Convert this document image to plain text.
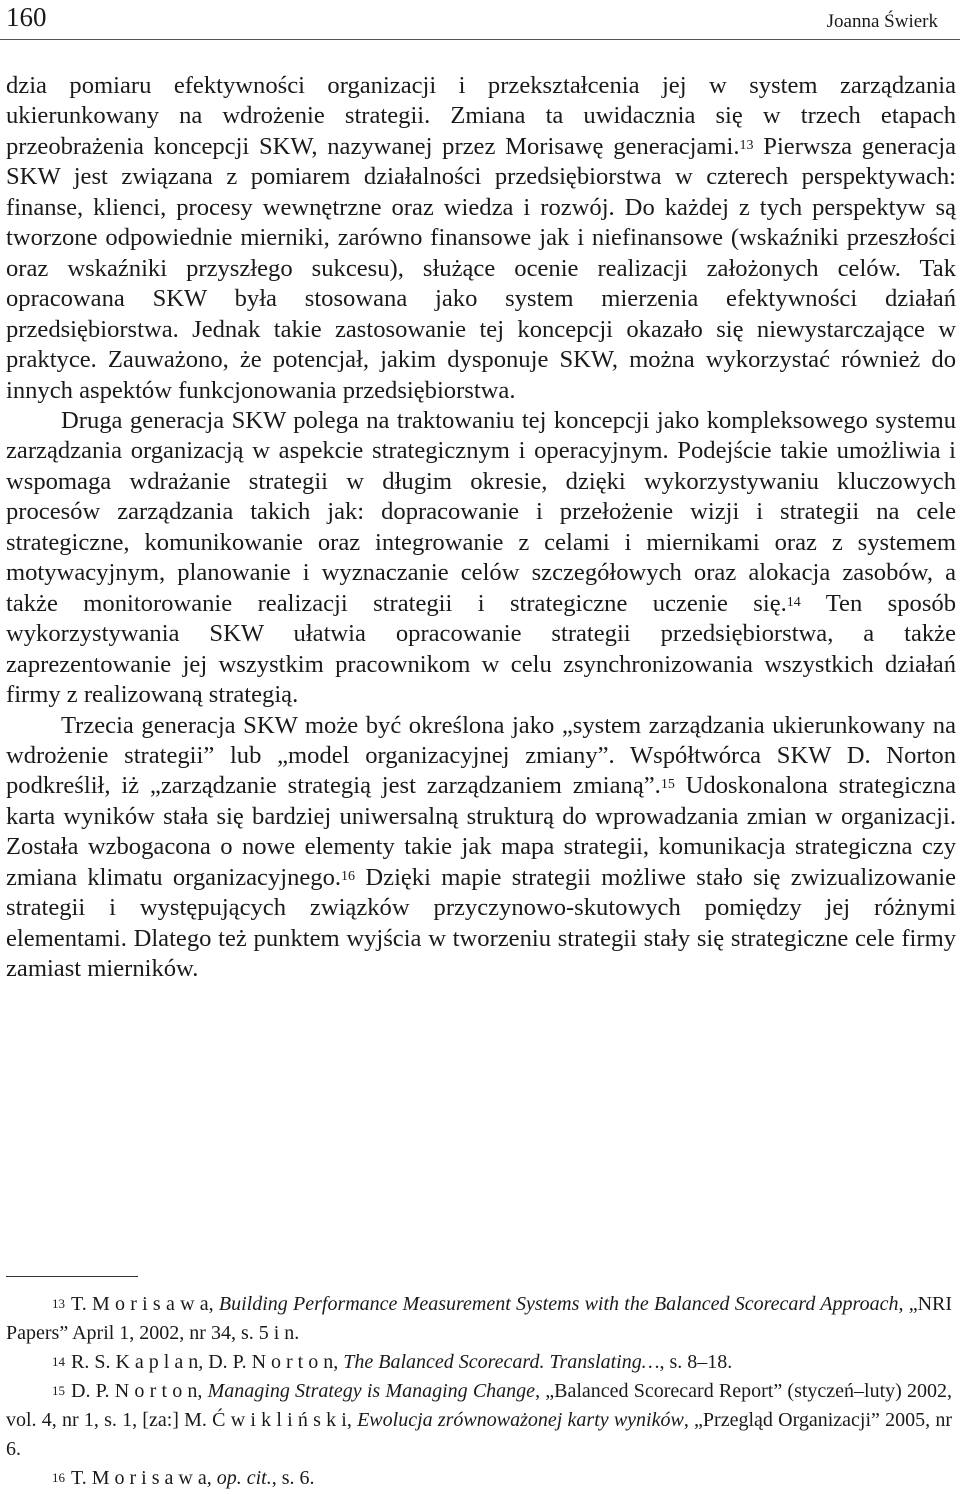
160	Joanna Świerk

dzia pomiaru efektywności organizacji i przekształcenia jej w system zarządzania ukierunkowany na wdrożenie strategii. Zmiana ta uwidacznia się w trzech etapach przeobrażenia koncepcji SKW, nazywanej przez Morisawę generacjami.$^{13}$ Pierwsza generacja SKW jest związana z pomiarem działalności przedsiębiorstwa w czterech perspektywach: finanse, klienci, procesy wewnętrzne oraz wiedza i rozwój. Do każdej z tych perspektyw są tworzone odpowiednie mierniki, zarówno finansowe jak i niefinansowe (wskaźniki przeszłości oraz wskaźniki przyszłego sukcesu), służące ocenie realizacji założonych celów. Tak opracowana SKW była stosowana jako system mierzenia efektywności działań przedsiębiorstwa. Jednak takie zastosowanie tej koncepcji okazało się niewystarczające w praktyce. Zauważono, że potencjał, jakim dysponuje SKW, można wykorzystać również do innych aspektów funkcjonowania przedsiębiorstwa.

Druga generacja SKW polega na traktowaniu tej koncepcji jako kompleksowego systemu zarządzania organizacją w aspekcie strategicznym i operacyjnym. Podejście takie umożliwia i wspomaga wdrażanie strategii w długim okresie, dzięki wykorzystywaniu kluczowych procesów zarządzania takich jak: dopracowanie i przełożenie wizji i strategii na cele strategiczne, komunikowanie oraz integrowanie z celami i miernikami oraz z systemem motywacyjnym, planowanie i wyznaczanie celów szczegółowych oraz alokacja zasobów, a także monitorowanie realizacji strategii i strategiczne uczenie się.$^{14}$ Ten sposób wykorzystywania SKW ułatwia opracowanie strategii przedsiębiorstwa, a także zaprezentowanie jej wszystkim pracownikom w celu zsynchronizowania wszystkich działań firmy z realizowaną strategią.

Trzecia generacja SKW może być określona jako „system zarządzania ukierunkowany na wdrożenie strategii” lub „model organizacyjnej zmiany”. Współtwórca SKW D. Norton podkreślił, iż „zarządzanie strategią jest zarządzaniem zmianą”.$^{15}$ Udoskonalona strategiczna karta wyników stała się bardziej uniwersalną strukturą do wprowadzania zmian w organizacji. Została wzbogacona o nowe elementy takie jak mapa strategii, komunikacja strategiczna czy zmiana klimatu organizacyjnego.$^{16}$ Dzięki mapie strategii możliwe stało się zwizualizowanie strategii i występujących związków przyczynowo-skutowych pomiędzy jej różnymi elementami. Dlatego też punktem wyjścia w tworzeniu strategii stały się strategiczne cele firmy zamiast mierników.

$^{13}$ T. M o r i s a w a, Building Performance Measurement Systems with the Balanced Scorecard Approach, „NRI Papers” April 1, 2002, nr 34, s. 5 i n.

$^{14}$ R. S. K a p l a n, D. P. N o r t o n, The Balanced Scorecard. Translating…, s. 8–18.

$^{15}$ D. P. N o r t o n, Managing Strategy is Managing Change, „Balanced Scorecard Report” (styczeń–luty) 2002, vol. 4, nr 1, s. 1, [za:] M. Ć w i k l i ń s k i, Ewolucja zrównoważonej karty wyników, „Przegląd Organizacji” 2005, nr 6.

$^{16}$ T. M o r i s a w a, op. cit., s. 6.
